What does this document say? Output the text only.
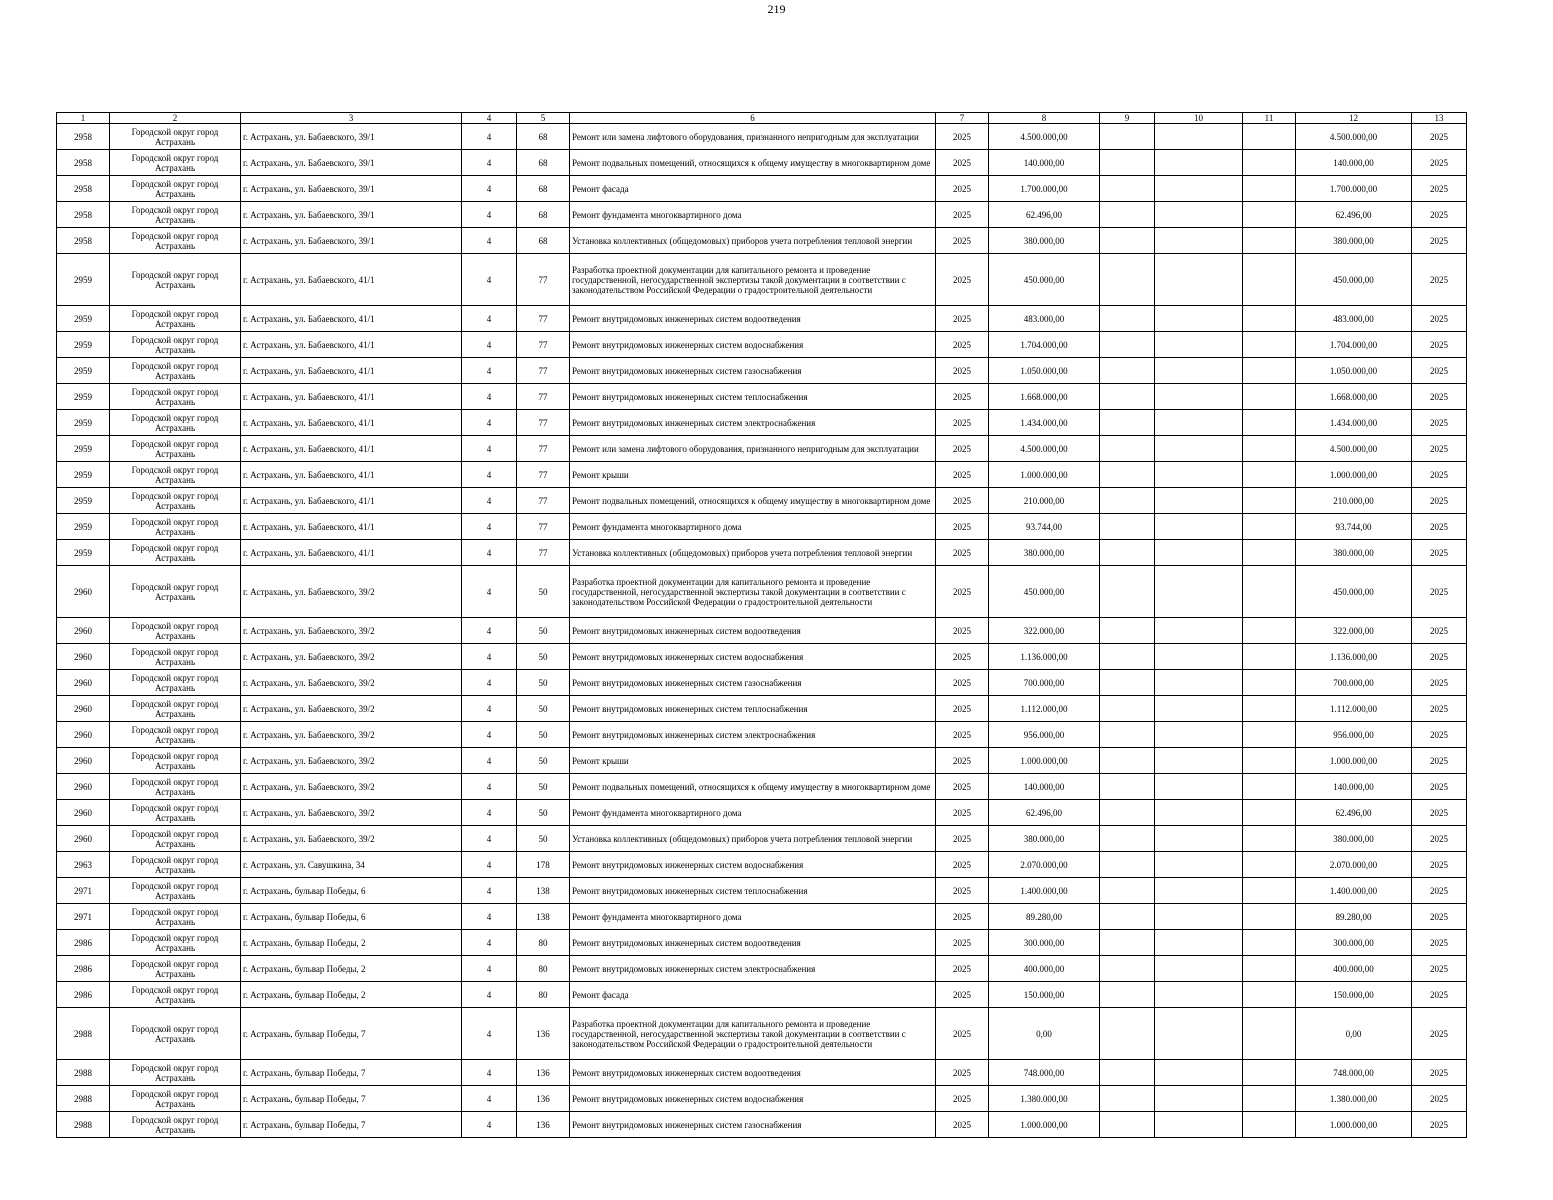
219
1	2	3	4	5	6	7	8	9	10	11	12	13
2958	Городской округ город Астрахань	г. Астрахань, ул. Бабаевского, 39/1	4	68	Ремонт или замена лифтового оборудования, признанного непригодным для эксплуатации	2025	4.500.000,00				4.500.000,00	2025
2958	Городской округ город Астрахань	г. Астрахань, ул. Бабаевского, 39/1	4	68	Ремонт подвальных помещений, относящихся к общему имуществу в многоквартирном доме	2025	140.000,00				140.000,00	2025
2958	Городской округ город Астрахань	г. Астрахань, ул. Бабаевского, 39/1	4	68	Ремонт фасада	2025	1.700.000,00				1.700.000,00	2025
2958	Городской округ город Астрахань	г. Астрахань, ул. Бабаевского, 39/1	4	68	Ремонт фундамента многоквартирного дома	2025	62.496,00				62.496,00	2025
2958	Городской округ город Астрахань	г. Астрахань, ул. Бабаевского, 39/1	4	68	Установка коллективных (общедомовых) приборов учета потребления тепловой энергии	2025	380.000,00				380.000,00	2025
2959	Городской округ город Астрахань	г. Астрахань, ул. Бабаевского, 41/1	4	77	Разработка проектной документации для капитального ремонта и проведение государственной, негосударственной экспертизы такой документации в соответствии с законодательством Российской Федерации о градостроительной деятельности	2025	450.000,00				450.000,00	2025
2959	Городской округ город Астрахань	г. Астрахань, ул. Бабаевского, 41/1	4	77	Ремонт внутридомовых инженерных систем водоотведения	2025	483.000,00				483.000,00	2025
2959	Городской округ город Астрахань	г. Астрахань, ул. Бабаевского, 41/1	4	77	Ремонт внутридомовых инженерных систем водоснабжения	2025	1.704.000,00				1.704.000,00	2025
2959	Городской округ город Астрахань	г. Астрахань, ул. Бабаевского, 41/1	4	77	Ремонт внутридомовых инженерных систем газоснабжения	2025	1.050.000,00				1.050.000,00	2025
2959	Городской округ город Астрахань	г. Астрахань, ул. Бабаевского, 41/1	4	77	Ремонт внутридомовых инженерных систем теплоснабжения	2025	1.668.000,00				1.668.000,00	2025
2959	Городской округ город Астрахань	г. Астрахань, ул. Бабаевского, 41/1	4	77	Ремонт внутридомовых инженерных систем электроснабжения	2025	1.434.000,00				1.434.000,00	2025
2959	Городской округ город Астрахань	г. Астрахань, ул. Бабаевского, 41/1	4	77	Ремонт или замена лифтового оборудования, признанного непригодным для эксплуатации	2025	4.500.000,00				4.500.000,00	2025
2959	Городской округ город Астрахань	г. Астрахань, ул. Бабаевского, 41/1	4	77	Ремонт крыши	2025	1.000.000,00				1.000.000,00	2025
2959	Городской округ город Астрахань	г. Астрахань, ул. Бабаевского, 41/1	4	77	Ремонт подвальных помещений, относящихся к общему имуществу в многоквартирном доме	2025	210.000,00				210.000,00	2025
2959	Городской округ город Астрахань	г. Астрахань, ул. Бабаевского, 41/1	4	77	Ремонт фундамента многоквартирного дома	2025	93.744,00				93.744,00	2025
2959	Городской округ город Астрахань	г. Астрахань, ул. Бабаевского, 41/1	4	77	Установка коллективных (общедомовых) приборов учета потребления тепловой энергии	2025	380.000,00				380.000,00	2025
2960	Городской округ город Астрахань	г. Астрахань, ул. Бабаевского, 39/2	4	50	Разработка проектной документации для капитального ремонта и проведение государственной, негосударственной экспертизы такой документации в соответствии с законодательством Российской Федерации о градостроительной деятельности	2025	450.000,00				450.000,00	2025
2960	Городской округ город Астрахань	г. Астрахань, ул. Бабаевского, 39/2	4	50	Ремонт внутридомовых инженерных систем водоотведения	2025	322.000,00				322.000,00	2025
2960	Городской округ город Астрахань	г. Астрахань, ул. Бабаевского, 39/2	4	50	Ремонт внутридомовых инженерных систем водоснабжения	2025	1.136.000,00				1.136.000,00	2025
2960	Городской округ город Астрахань	г. Астрахань, ул. Бабаевского, 39/2	4	50	Ремонт внутридомовых инженерных систем газоснабжения	2025	700.000,00				700.000,00	2025
2960	Городской округ город Астрахань	г. Астрахань, ул. Бабаевского, 39/2	4	50	Ремонт внутридомовых инженерных систем теплоснабжения	2025	1.112.000,00				1.112.000,00	2025
2960	Городской округ город Астрахань	г. Астрахань, ул. Бабаевского, 39/2	4	50	Ремонт внутридомовых инженерных систем электроснабжения	2025	956.000,00				956.000,00	2025
2960	Городской округ город Астрахань	г. Астрахань, ул. Бабаевского, 39/2	4	50	Ремонт крыши	2025	1.000.000,00				1.000.000,00	2025
2960	Городской округ город Астрахань	г. Астрахань, ул. Бабаевского, 39/2	4	50	Ремонт подвальных помещений, относящихся к общему имуществу в многоквартирном доме	2025	140.000,00				140.000,00	2025
2960	Городской округ город Астрахань	г. Астрахань, ул. Бабаевского, 39/2	4	50	Ремонт фундамента многоквартирного дома	2025	62.496,00				62.496,00	2025
2960	Городской округ город Астрахань	г. Астрахань, ул. Бабаевского, 39/2	4	50	Установка коллективных (общедомовых) приборов учета потребления тепловой энергии	2025	380.000,00				380.000,00	2025
2963	Городской округ город Астрахань	г. Астрахань, ул. Савушкина, 34	4	178	Ремонт внутридомовых инженерных систем водоснабжения	2025	2.070.000,00				2.070.000,00	2025
2971	Городской округ город Астрахань	г. Астрахань, бульвар Победы, 6	4	138	Ремонт внутридомовых инженерных систем теплоснабжения	2025	1.400.000,00				1.400.000,00	2025
2971	Городской округ город Астрахань	г. Астрахань, бульвар Победы, 6	4	138	Ремонт фундамента многоквартирного дома	2025	89.280,00				89.280,00	2025
2986	Городской округ город Астрахань	г. Астрахань, бульвар Победы, 2	4	80	Ремонт внутридомовых инженерных систем водоотведения	2025	300.000,00				300.000,00	2025
2986	Городской округ город Астрахань	г. Астрахань, бульвар Победы, 2	4	80	Ремонт внутридомовых инженерных систем электроснабжения	2025	400.000,00				400.000,00	2025
2986	Городской округ город Астрахань	г. Астрахань, бульвар Победы, 2	4	80	Ремонт фасада	2025	150.000,00				150.000,00	2025
2988	Городской округ город Астрахань	г. Астрахань, бульвар Победы, 7	4	136	Разработка проектной документации для капитального ремонта и проведение государственной, негосударственной экспертизы такой документации в соответствии с законодательством Российской Федерации о градостроительной деятельности	2025	0,00				0,00	2025
2988	Городской округ город Астрахань	г. Астрахань, бульвар Победы, 7	4	136	Ремонт внутридомовых инженерных систем водоотведения	2025	748.000,00				748.000,00	2025
2988	Городской округ город Астрахань	г. Астрахань, бульвар Победы, 7	4	136	Ремонт внутридомовых инженерных систем водоснабжения	2025	1.380.000,00				1.380.000,00	2025
2988	Городской округ город Астрахань	г. Астрахань, бульвар Победы, 7	4	136	Ремонт внутридомовых инженерных систем газоснабжения	2025	1.000.000,00				1.000.000,00	2025
